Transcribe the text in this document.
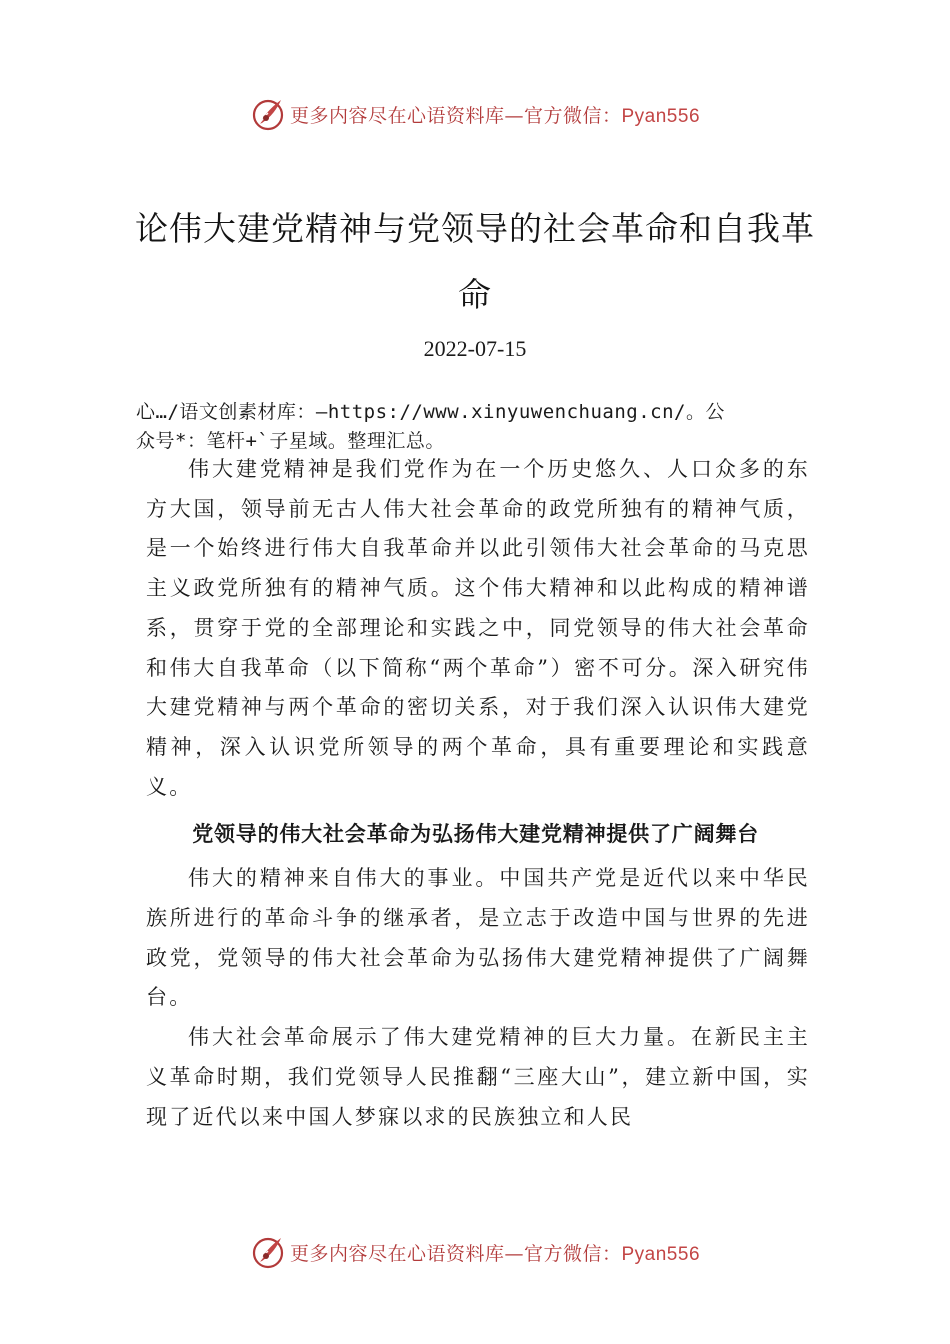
更多内容尽在心语资料库—官方微信：Pyan556
论伟大建党精神与党领导的社会革命和自我革命
2022-07-15
心…/语文创素材库：—https://www.xinyuwenchuang.cn/。公
众号*：笔杆+`子星域。整理汇总。

伟大建党精神是我们党作为在一个历史悠久、人口众多的东方大国，领导前无古人伟大社会革命的政党所独有的精神气质，是一个始终进行伟大自我革命并以此引领伟大社会革命的马克思主义政党所独有的精神气质。这个伟大精神和以此构成的精神谱系，贯穿于党的全部理论和实践之中，同党领导的伟大社会革命和伟大自我革命（以下简称“两个革命”）密不可分。深入研究伟大建党精神与两个革命的密切关系，对于我们深入认识伟大建党精神，深入认识党所领导的两个革命，具有重要理论和实践意义。

党领导的伟大社会革命为弘扬伟大建党精神提供了广阔舞台

伟大的精神来自伟大的事业。中国共产党是近代以来中华民族所进行的革命斗争的继承者，是立志于改造中国与世界的先进政党，党领导的伟大社会革命为弘扬伟大建党精神提供了广阔舞台。

伟大社会革命展示了伟大建党精神的巨大力量。在新民主主义革命时期，我们党领导人民推翻“三座大山”，建立新中国，实现了近代以来中国人梦寐以求的民族独立和人民

更多内容尽在心语资料库—官方微信：Pyan556
